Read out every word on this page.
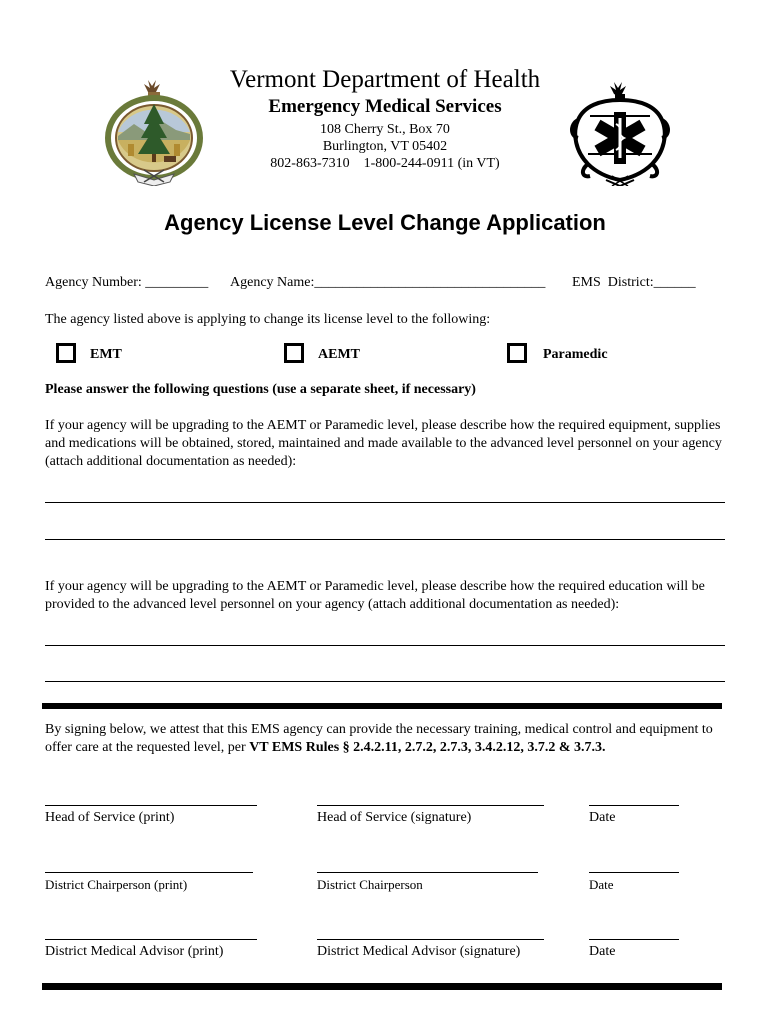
Vermont Department of Health
Emergency Medical Services
108 Cherry St., Box 70
Burlington, VT 05402
802-863-7310    1-800-244-0911 (in VT)
Agency License Level Change Application
Agency Number: _________ Agency Name:_________________________________ EMS  District:______
The agency listed above is applying to change its license level to the following:
EMT	AEMT	Paramedic
Please answer the following questions (use a separate sheet, if necessary)
If your agency will be upgrading to the AEMT or Paramedic level, please describe how the required equipment, supplies and medications will be obtained, stored, maintained and made available to the advanced level personnel on your agency (attach additional documentation as needed):
If your agency will be upgrading to the AEMT or Paramedic level, please describe how the required education will be provided to the advanced level personnel on your agency (attach additional documentation as needed):
By signing below, we attest that this EMS agency can provide the necessary training, medical control and equipment to offer care at the requested level, per VT EMS Rules § 2.4.2.11, 2.7.2, 2.7.3, 3.4.2.12, 3.7.2 & 3.7.3.
Head of Service (print)	Head of Service (signature)	Date
District Chairperson (print)	District Chairperson	Date
District Medical Advisor (print)	District Medical Advisor (signature)	Date
